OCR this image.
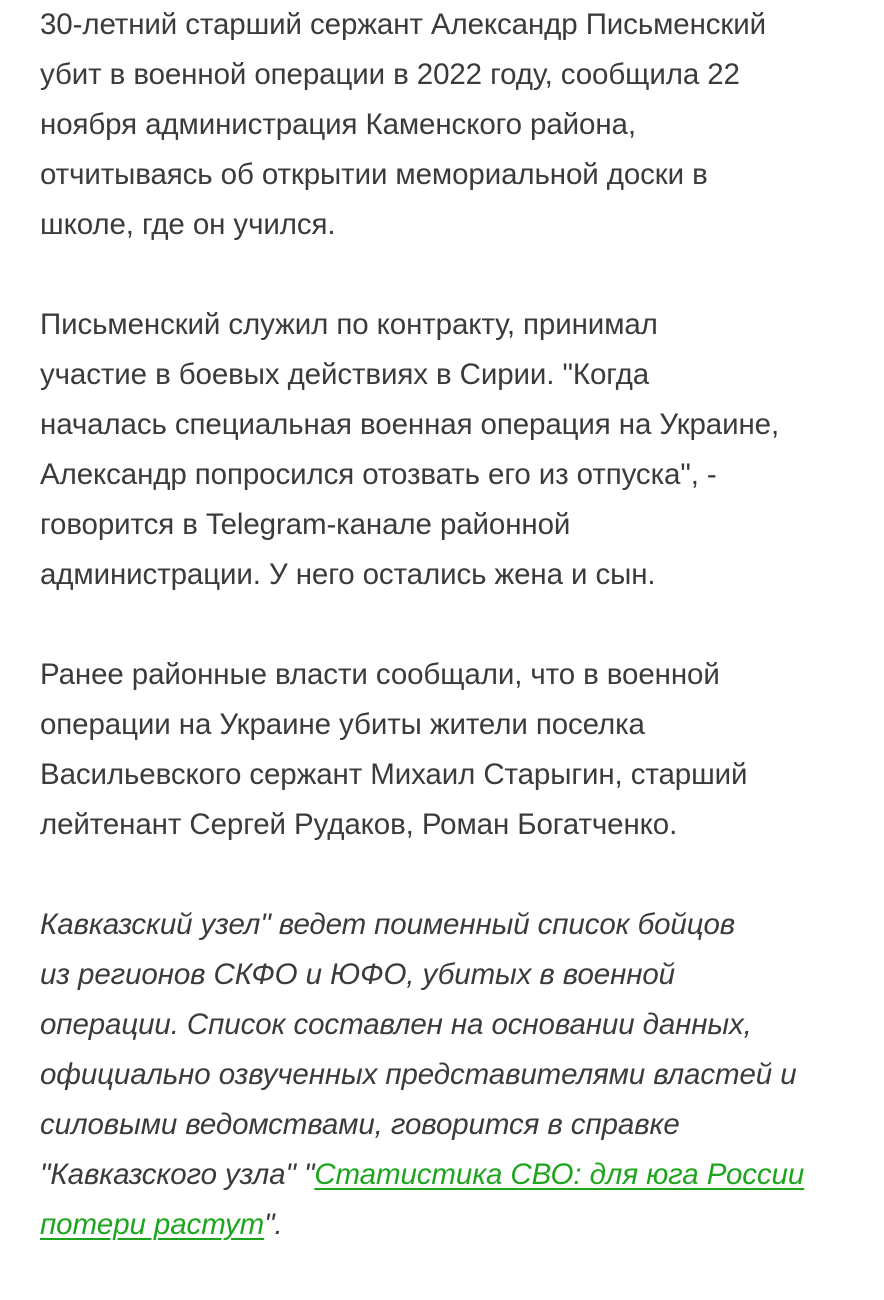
30-летний старший сержант Александр Письменский
убит в военной операции в 2022 году, сообщила 22
ноября администрация Каменского района,
отчитываясь об открытии мемориальной доски в
школе, где он учился.

Письменский служил по контракту, принимал
участие в боевых действиях в Сирии. "Когда
началась специальная военная операция на Украине,
Александр попросился отозвать его из отпуска", -
говорится в Telegram-канале районной
администрации. У него остались жена и сын.

Ранее районные власти сообщали, что в военной
операции на Украине убиты жители поселка
Васильевского сержант Михаил Старыгин, старший
лейтенант Сергей Рудаков, Роман Богатченко.

Кавказский узел" ведет поименный список бойцов
из регионов СКФО и ЮФО, убитых в военной
операции. Список составлен на основании данных,
официально озвученных представителями властей и
силовыми ведомствами, говорится в справке
"Кавказского узла" "Статистика СВО: для юга России
потери растут".
